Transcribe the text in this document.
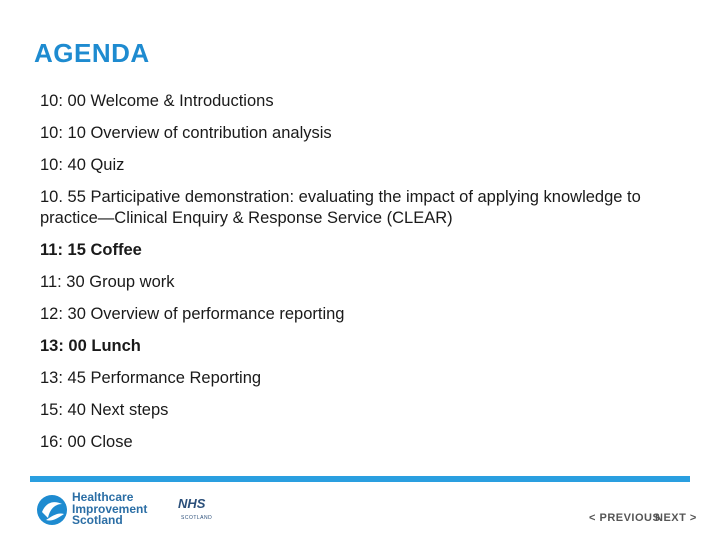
AGENDA
10: 00 Welcome & Introductions
10: 10 Overview of contribution analysis
10: 40 Quiz
10. 55 Participative demonstration: evaluating the impact of applying knowledge to practice—Clinical Enquiry & Response Service (CLEAR)
11: 15 Coffee
11: 30 Group work
12: 30 Overview of performance reporting
13: 00 Lunch
13: 45 Performance Reporting
15: 40 Next steps
16: 00 Close
Healthcare
Improvement
Scotland
NHS
SCOTLAND	< PREVIOUS
NEXT >
